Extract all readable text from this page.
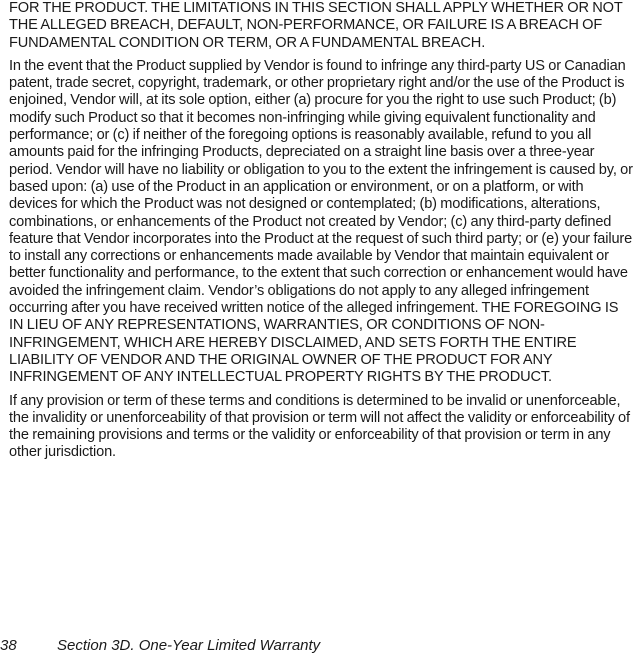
FOR THE PRODUCT. THE LIMITATIONS IN THIS SECTION SHALL APPLY WHETHER OR NOT THE ALLEGED BREACH, DEFAULT, NON-PERFORMANCE, OR FAILURE IS A BREACH OF FUNDAMENTAL CONDITION OR TERM, OR A FUNDAMENTAL BREACH.

In the event that the Product supplied by Vendor is found to infringe any third-party US or Canadian patent, trade secret, copyright, trademark, or other proprietary right and/or the use of the Product is enjoined, Vendor will, at its sole option, either (a) procure for you the right to use such Product; (b) modify such Product so that it becomes non-infringing while giving equivalent functionality and performance; or (c) if neither of the foregoing options is reasonably available, refund to you all amounts paid for the infringing Products, depreciated on a straight line basis over a three-year period. Vendor will have no liability or obligation to you to the extent the infringement is caused by, or based upon: (a) use of the Product in an application or environment, or on a platform, or with devices for which the Product was not designed or contemplated; (b) modifications, alterations, combinations, or enhancements of the Product not created by Vendor; (c) any third-party defined feature that Vendor incorporates into the Product at the request of such third party; or (e) your failure to install any corrections or enhancements made available by Vendor that maintain equivalent or better functionality and performance, to the extent that such correction or enhancement would have avoided the infringement claim. Vendor’s obligations do not apply to any alleged infringement occurring after you have received written notice of the alleged infringement. THE FOREGOING IS IN LIEU OF ANY REPRESENTATIONS, WARRANTIES, OR CONDITIONS OF NON-INFRINGEMENT, WHICH ARE HEREBY DISCLAIMED, AND SETS FORTH THE ENTIRE LIABILITY OF VENDOR AND THE ORIGINAL OWNER OF THE PRODUCT FOR ANY INFRINGEMENT OF ANY INTELLECTUAL PROPERTY RIGHTS BY THE PRODUCT.

If any provision or term of these terms and conditions is determined to be invalid or unenforceable, the invalidity or unenforceability of that provision or term will not affect the validity or enforceability of the remaining provisions and terms or the validity or enforceability of that provision or term in any other jurisdiction.

38	Section 3D. One-Year Limited Warranty
